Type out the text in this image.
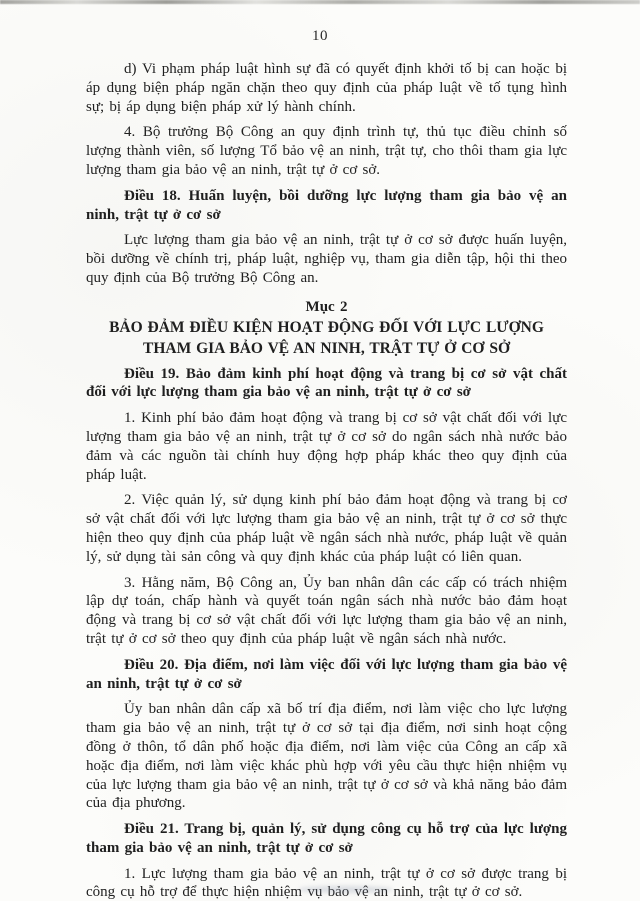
10

d) Vi phạm pháp luật hình sự đã có quyết định khởi tố bị can hoặc bị áp dụng biện pháp ngăn chặn theo quy định của pháp luật về tố tụng hình sự; bị áp dụng biện pháp xử lý hành chính.

4. Bộ trưởng Bộ Công an quy định trình tự, thủ tục điều chỉnh số lượng thành viên, số lượng Tổ bảo vệ an ninh, trật tự, cho thôi tham gia lực lượng tham gia bảo vệ an ninh, trật tự ở cơ sở.

Điều 18. Huấn luyện, bồi dưỡng lực lượng tham gia bảo vệ an ninh, trật tự ở cơ sở

Lực lượng tham gia bảo vệ an ninh, trật tự ở cơ sở được huấn luyện, bồi dưỡng về chính trị, pháp luật, nghiệp vụ, tham gia diễn tập, hội thi theo quy định của Bộ trưởng Bộ Công an.

Mục 2

BẢO ĐẢM ĐIỀU KIỆN HOẠT ĐỘNG ĐỐI VỚI LỰC LƯỢNG THAM GIA BẢO VỆ AN NINH, TRẬT TỰ Ở CƠ SỞ

Điều 19. Bảo đảm kinh phí hoạt động và trang bị cơ sở vật chất đối với lực lượng tham gia bảo vệ an ninh, trật tự ở cơ sở

1. Kinh phí bảo đảm hoạt động và trang bị cơ sở vật chất đối với lực lượng tham gia bảo vệ an ninh, trật tự ở cơ sở do ngân sách nhà nước bảo đảm và các nguồn tài chính huy động hợp pháp khác theo quy định của pháp luật.

2. Việc quản lý, sử dụng kinh phí bảo đảm hoạt động và trang bị cơ sở vật chất đối với lực lượng tham gia bảo vệ an ninh, trật tự ở cơ sở thực hiện theo quy định của pháp luật về ngân sách nhà nước, pháp luật về quản lý, sử dụng tài sản công và quy định khác của pháp luật có liên quan.

3. Hằng năm, Bộ Công an, Ủy ban nhân dân các cấp có trách nhiệm lập dự toán, chấp hành và quyết toán ngân sách nhà nước bảo đảm hoạt động và trang bị cơ sở vật chất đối với lực lượng tham gia bảo vệ an ninh, trật tự ở cơ sở theo quy định của pháp luật về ngân sách nhà nước.

Điều 20. Địa điểm, nơi làm việc đối với lực lượng tham gia bảo vệ an ninh, trật tự ở cơ sở

Ủy ban nhân dân cấp xã bố trí địa điểm, nơi làm việc cho lực lượng tham gia bảo vệ an ninh, trật tự ở cơ sở tại địa điểm, nơi sinh hoạt cộng đồng ở thôn, tổ dân phố hoặc địa điểm, nơi làm việc của Công an cấp xã hoặc địa điểm, nơi làm việc khác phù hợp với yêu cầu thực hiện nhiệm vụ của lực lượng tham gia bảo vệ an ninh, trật tự ở cơ sở và khả năng bảo đảm của địa phương.

Điều 21. Trang bị, quản lý, sử dụng công cụ hỗ trợ của lực lượng tham gia bảo vệ an ninh, trật tự ở cơ sở

1. Lực lượng tham gia bảo vệ an ninh, trật tự ở cơ sở được trang bị công cụ hỗ trợ để thực hiện nhiệm vụ bảo vệ an ninh, trật tự ở cơ sở.
